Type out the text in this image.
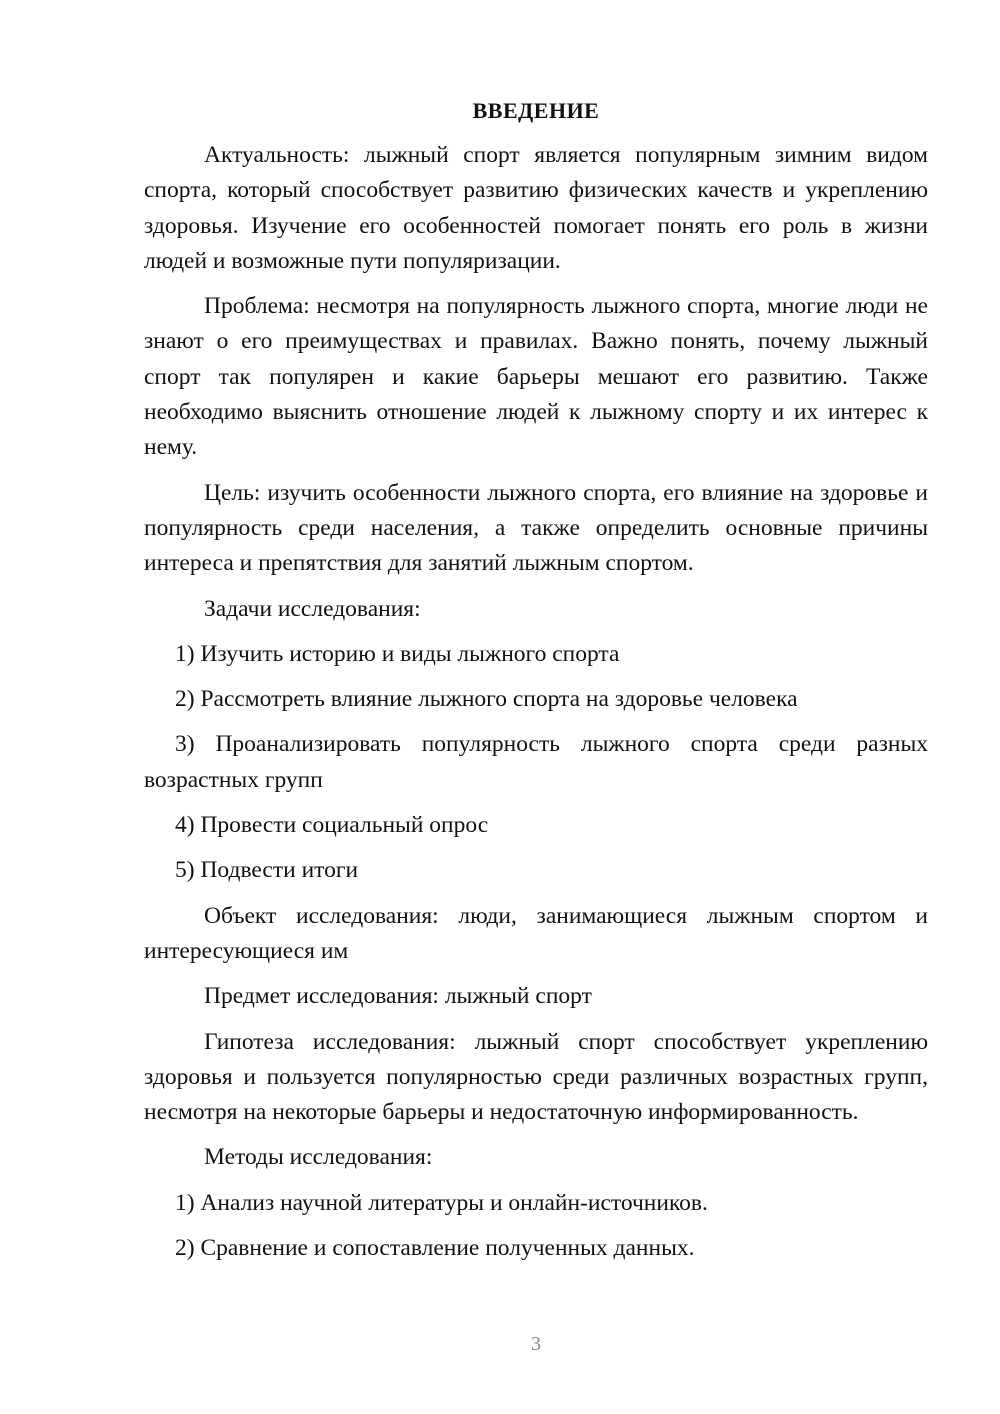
ВВЕДЕНИЕ

Актуальность: лыжный спорт является популярным зимним видом спорта, который способствует развитию физических качеств и укреплению здоровья. Изучение его особенностей помогает понять его роль в жизни людей и возможные пути популяризации.

Проблема: несмотря на популярность лыжного спорта, многие люди не знают о его преимуществах и правилах. Важно понять, почему лыжный спорт так популярен и какие барьеры мешают его развитию. Также необходимо выяснить отношение людей к лыжному спорту и их интерес к нему.

Цель: изучить особенности лыжного спорта, его влияние на здоровье и популярность среди населения, а также определить основные причины интереса и препятствия для занятий лыжным спортом.

Задачи исследования:

1) Изучить историю и виды лыжного спорта

2) Рассмотреть влияние лыжного спорта на здоровье человека

3) Проанализировать популярность лыжного спорта среди разных возрастных групп

4) Провести социальный опрос

5) Подвести итоги

Объект исследования: люди, занимающиеся лыжным спортом и интересующиеся им

Предмет исследования: лыжный спорт

Гипотеза исследования: лыжный спорт способствует укреплению здоровья и пользуется популярностью среди различных возрастных групп, несмотря на некоторые барьеры и недостаточную информированность.

Методы исследования:

1) Анализ научной литературы и онлайн-источников.

2) Сравнение и сопоставление полученных данных.

3
